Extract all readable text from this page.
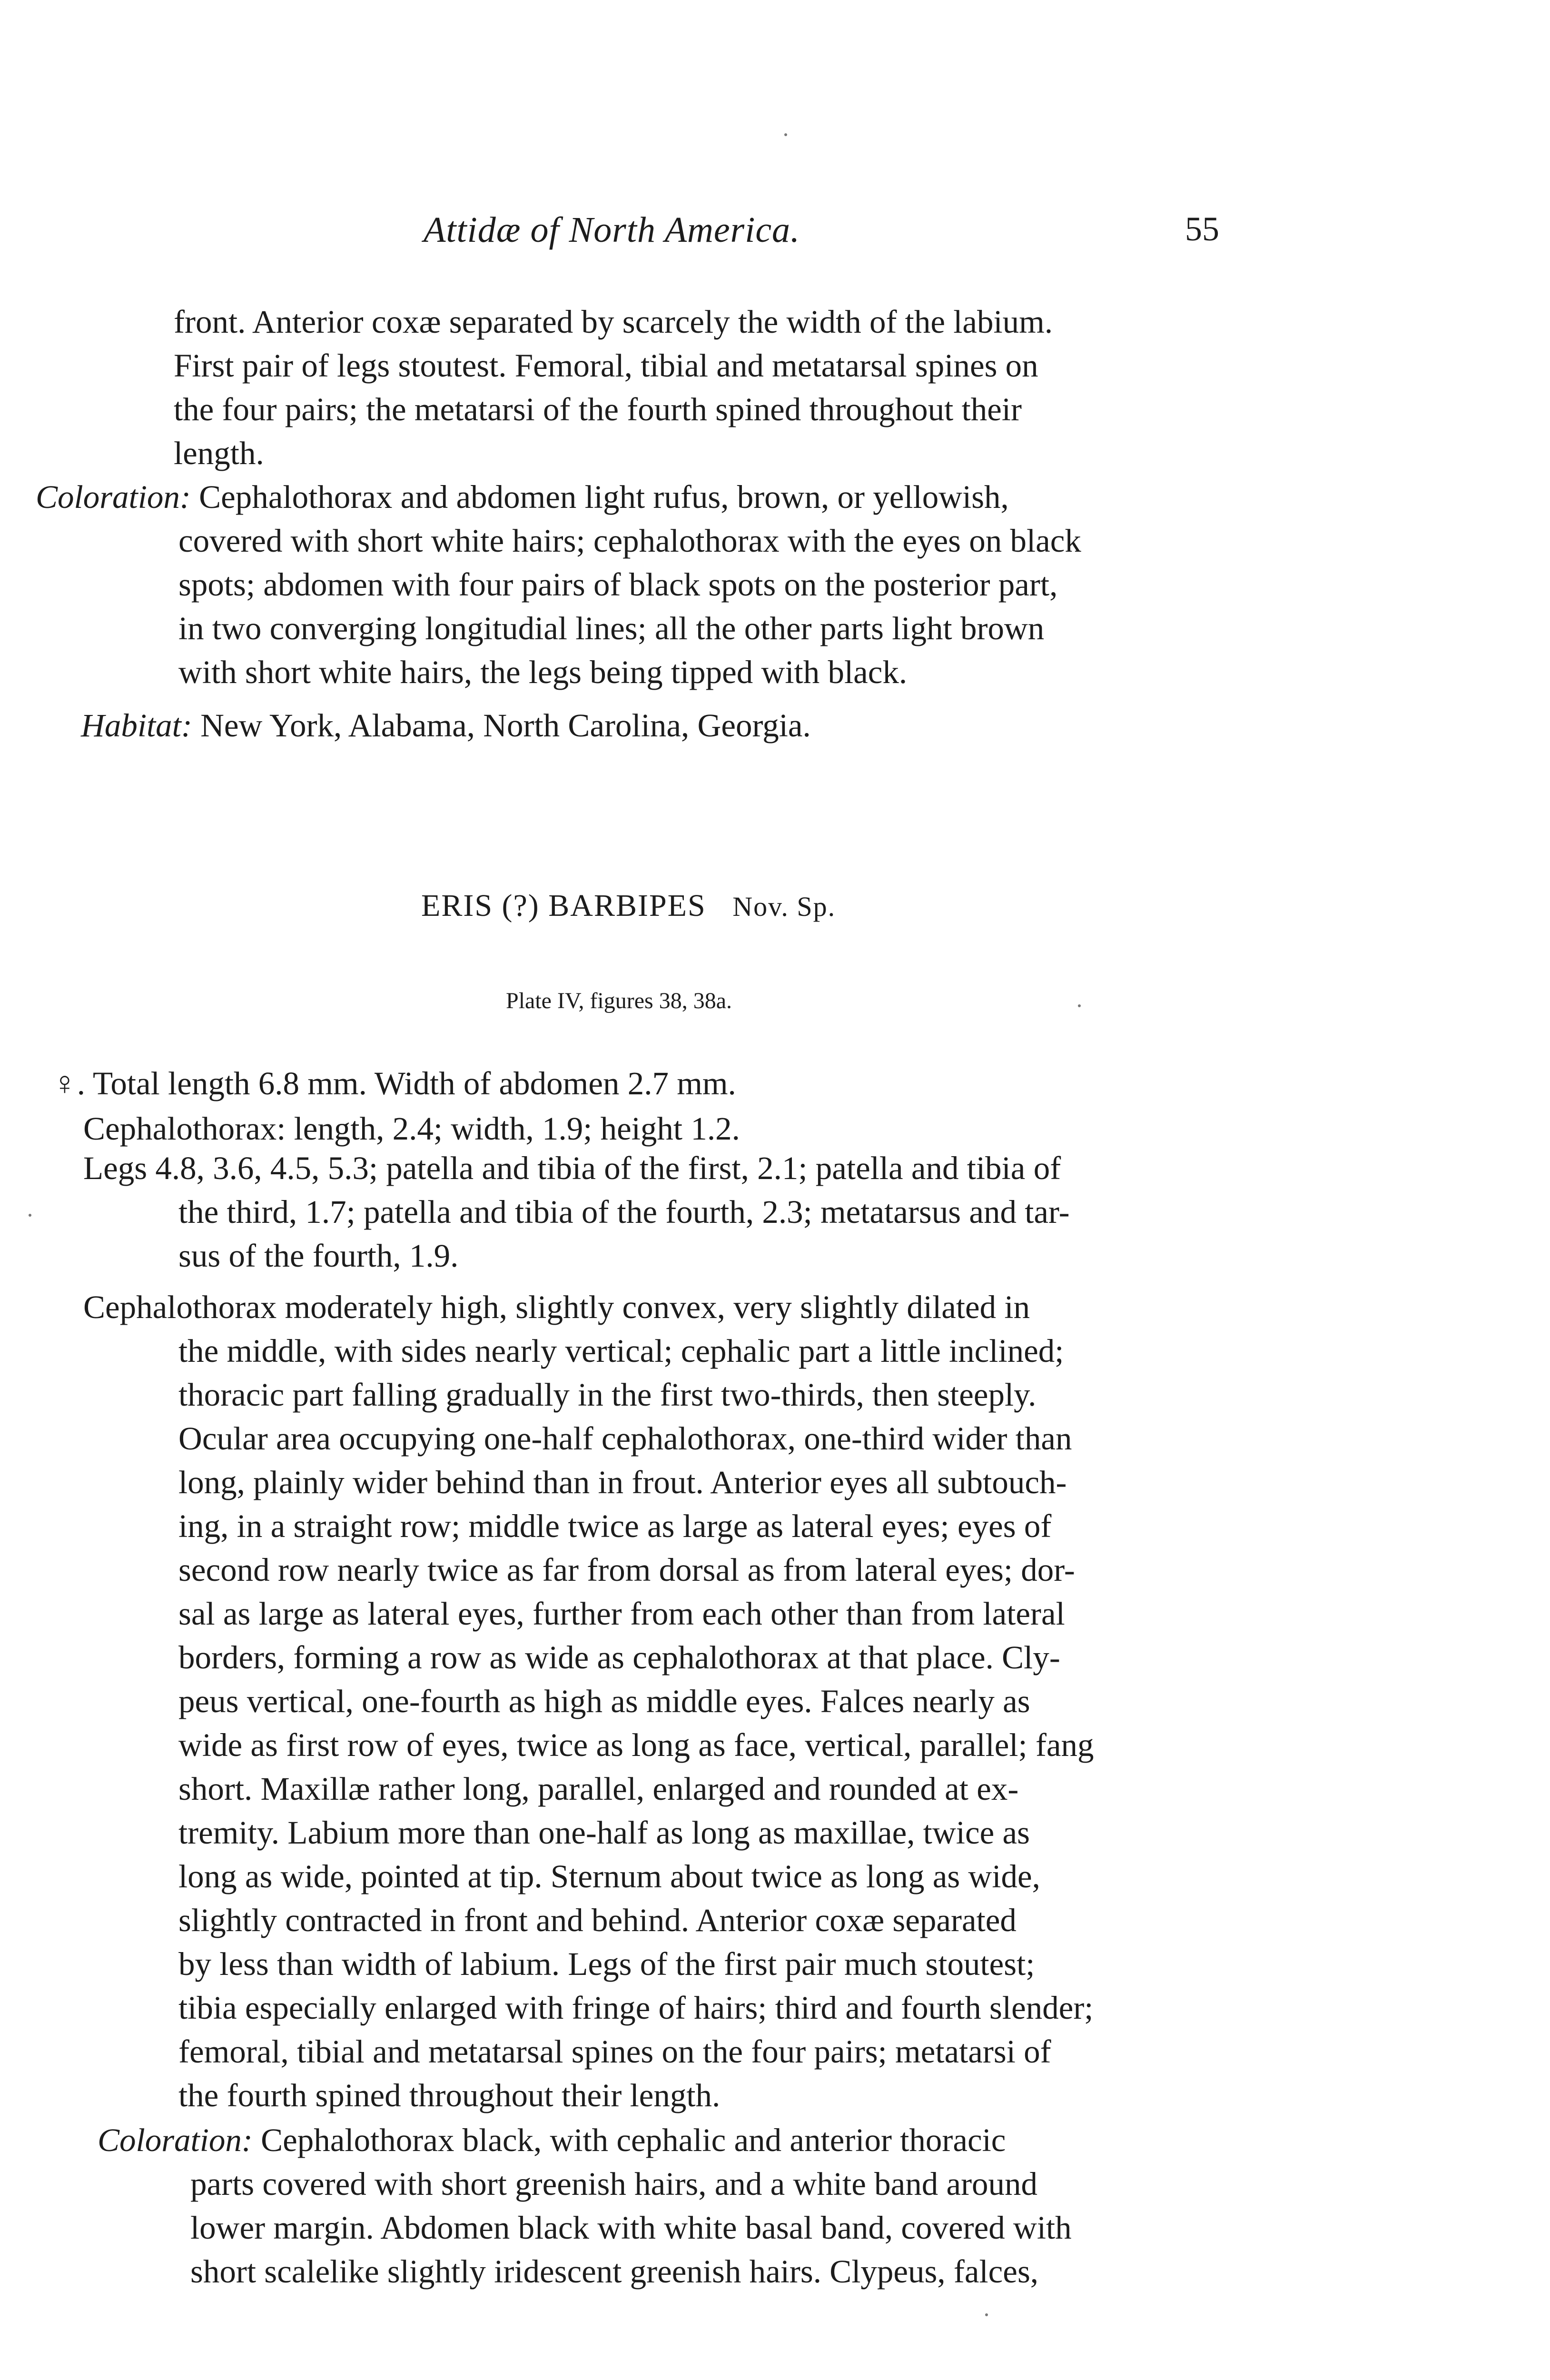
Attidæ of North America.	55
front. Anterior coxæ separated by scarcely the width of the labium.
First pair of legs stoutest. Femoral, tibial and metatarsal spines on
the four pairs; the metatarsi of the fourth spined throughout their
length.
Coloration: Cephalothorax and abdomen light rufus, brown, or yellowish,
covered with short white hairs; cephalothorax with the eyes on black
spots; abdomen with four pairs of black spots on the posterior part,
in two converging longitudial lines; all the other parts light brown
with short white hairs, the legs being tipped with black.
Habitat: New York, Alabama, North Carolina, Georgia.
ERIS (?) BARBIPES Nov. Sp.
Plate IV, figures 38, 38a.
♀. Total length 6.8 mm. Width of abdomen 2.7 mm.
Cephalothorax: length, 2.4; width, 1.9; height 1.2.
Legs 4.8, 3.6, 4.5, 5.3; patella and tibia of the first, 2.1; patella and tibia of
the third, 1.7; patella and tibia of the fourth, 2.3; metatarsus and tar-
sus of the fourth, 1.9.
Cephalothorax moderately high, slightly convex, very slightly dilated in
the middle, with sides nearly vertical; cephalic part a little inclined;
thoracic part falling gradually in the first two-thirds, then steeply.
Ocular area occupying one-half cephalothorax, one-third wider than
long, plainly wider behind than in frout. Anterior eyes all subtouch-
ing, in a straight row; middle twice as large as lateral eyes; eyes of
second row nearly twice as far from dorsal as from lateral eyes; dor-
sal as large as lateral eyes, further from each other than from lateral
borders, forming a row as wide as cephalothorax at that place. Cly-
peus vertical, one-fourth as high as middle eyes. Falces nearly as
wide as first row of eyes, twice as long as face, vertical, parallel; fang
short. Maxillæ rather long, parallel, enlarged and rounded at ex-
tremity. Labium more than one-half as long as maxillae, twice as
long as wide, pointed at tip. Sternum about twice as long as wide,
slightly contracted in front and behind. Anterior coxæ separated
by less than width of labium. Legs of the first pair much stoutest;
tibia especially enlarged with fringe of hairs; third and fourth slender;
femoral, tibial and metatarsal spines on the four pairs; metatarsi of
the fourth spined throughout their length.
Coloration: Cephalothorax black, with cephalic and anterior thoracic
parts covered with short greenish hairs, and a white band around
lower margin. Abdomen black with white basal band, covered with
short scalelike slightly iridescent greenish hairs. Clypeus, falces,
